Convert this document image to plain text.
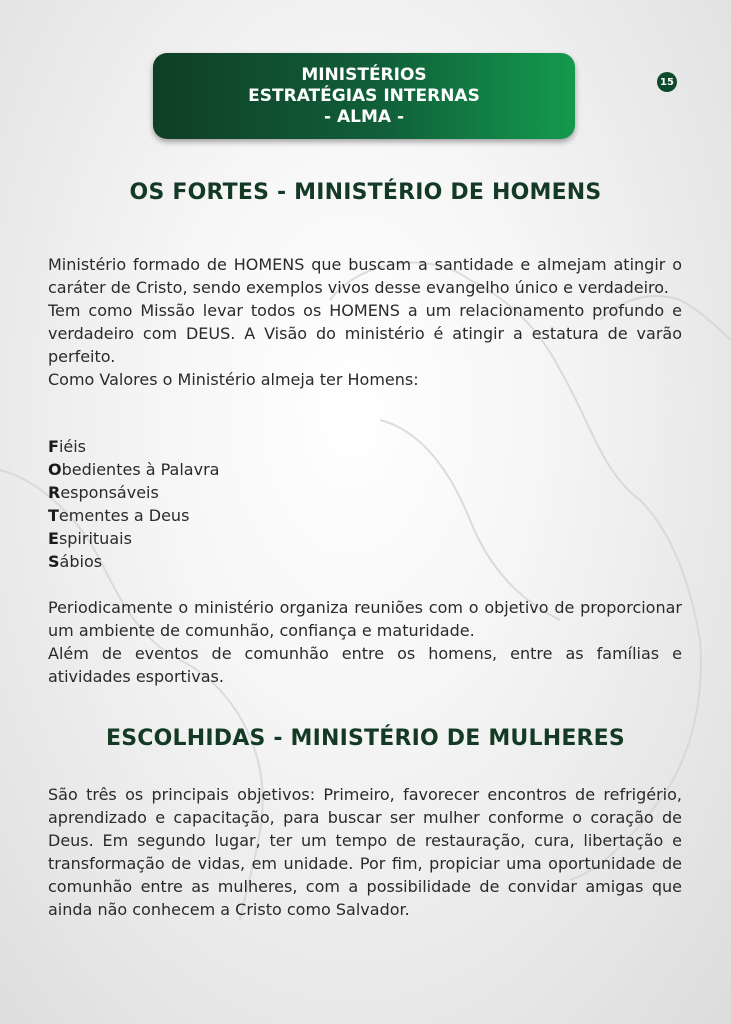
MINISTÉRIOS
ESTRATÉGIAS INTERNAS
- ALMA -
15
OS FORTES - MINISTÉRIO DE HOMENS

Ministério formado de HOMENS que buscam a santidade e almejam atingir o caráter de Cristo, sendo exemplos vivos desse evangelho único e verdadeiro.

Tem como Missão levar todos os HOMENS a um relacionamento profundo e verdadeiro com DEUS. A Visão do ministério é atingir a estatura de varão perfeito.

Como Valores o Ministério almeja ter Homens:

Fiéis

Obedientes à Palavra

Responsáveis

Tementes a Deus

Espirituais

Sábios

Periodicamente o ministério organiza reuniões com o objetivo de proporcionar um ambiente de comunhão, confiança e maturidade.

Além de eventos de comunhão entre os homens, entre as famílias e atividades esportivas.

ESCOLHIDAS - MINISTÉRIO DE MULHERES

São três os principais objetivos: Primeiro, favorecer encontros de refrigério, aprendizado e capacitação, para buscar ser mulher conforme o coração de Deus. Em segundo lugar, ter um tempo de restauração, cura, libertação e transformação de vidas, em unidade. Por fim, propiciar uma oportunidade de comunhão entre as mulheres, com a possibilidade de convidar amigas que ainda não conhecem a Cristo como Salvador.
